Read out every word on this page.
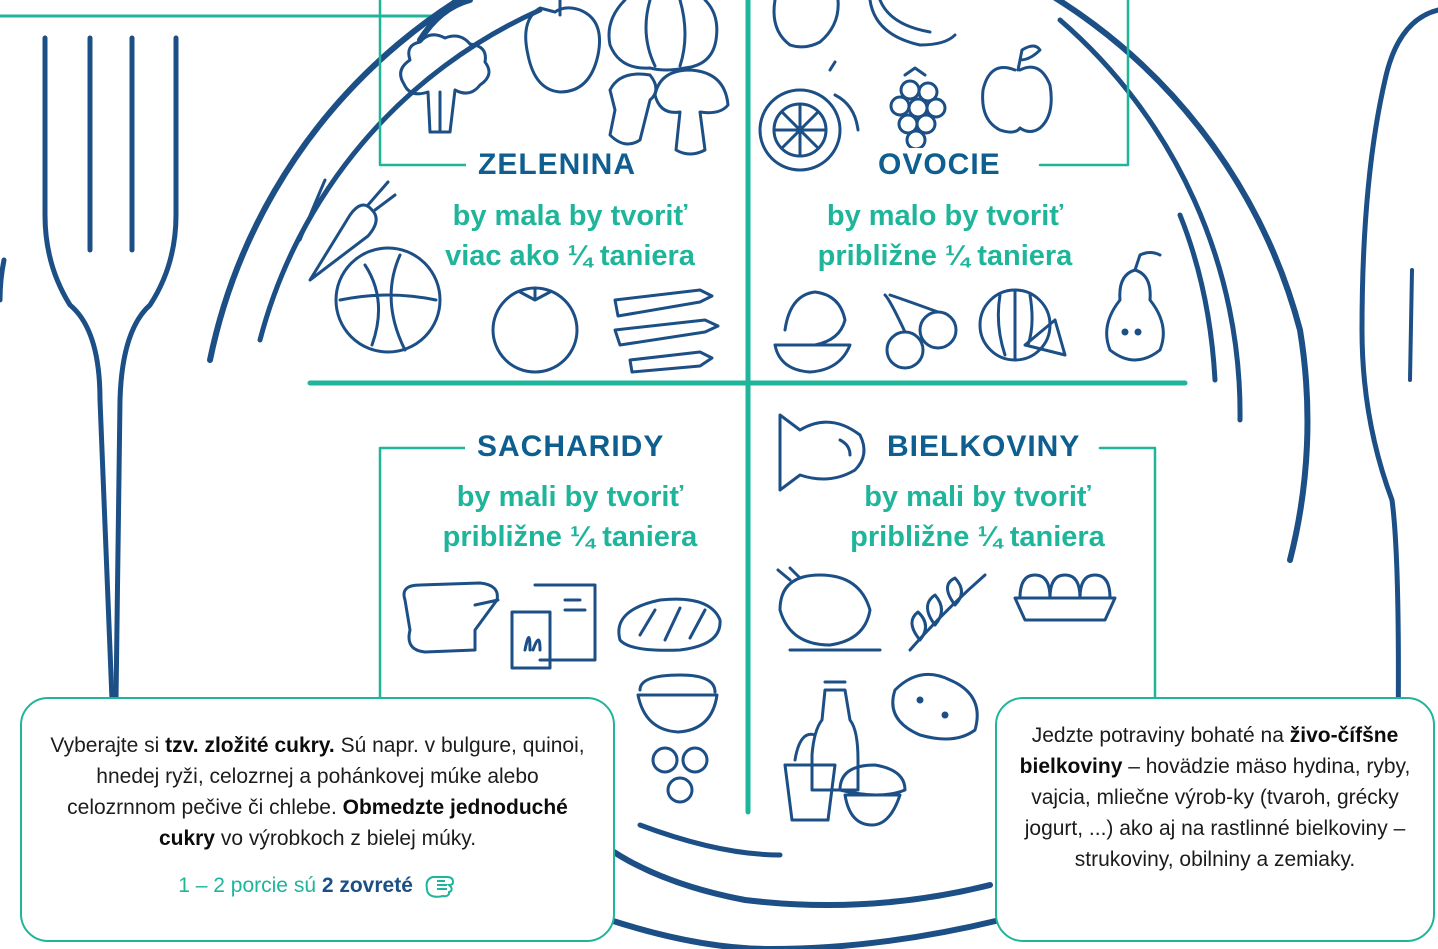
ZELENINA
by mala by tvoriť
viac ako ¼ taniera
OVOCIE
by malo by tvoriť
približne ¼ taniera
SACHARIDY
by mali by tvoriť
približne ¼ taniera
BIELKOVINY
by mali by tvoriť
približne ¼ taniera
Vyberajte si tzv. zložité cukry. Sú napr. v bulgure, quinoi, hnedej ryži, celozrnej a pohánkovej múke alebo celozrnnom pečive či chlebe. Obmedzte jednoduché cukry vo výrobkoch z bielej múky.
1 – 2 porcie sú 2 zovreté
Jedzte potraviny bohaté na živo-čífšne bielkoviny – hovädzie mäso hydina, ryby, vajcia, mliečne výrob-ky (tvaroh, grécky jogurt, ...) ako aj na rastlinné bielkoviny – strukoviny, obilniny a zemiaky.
